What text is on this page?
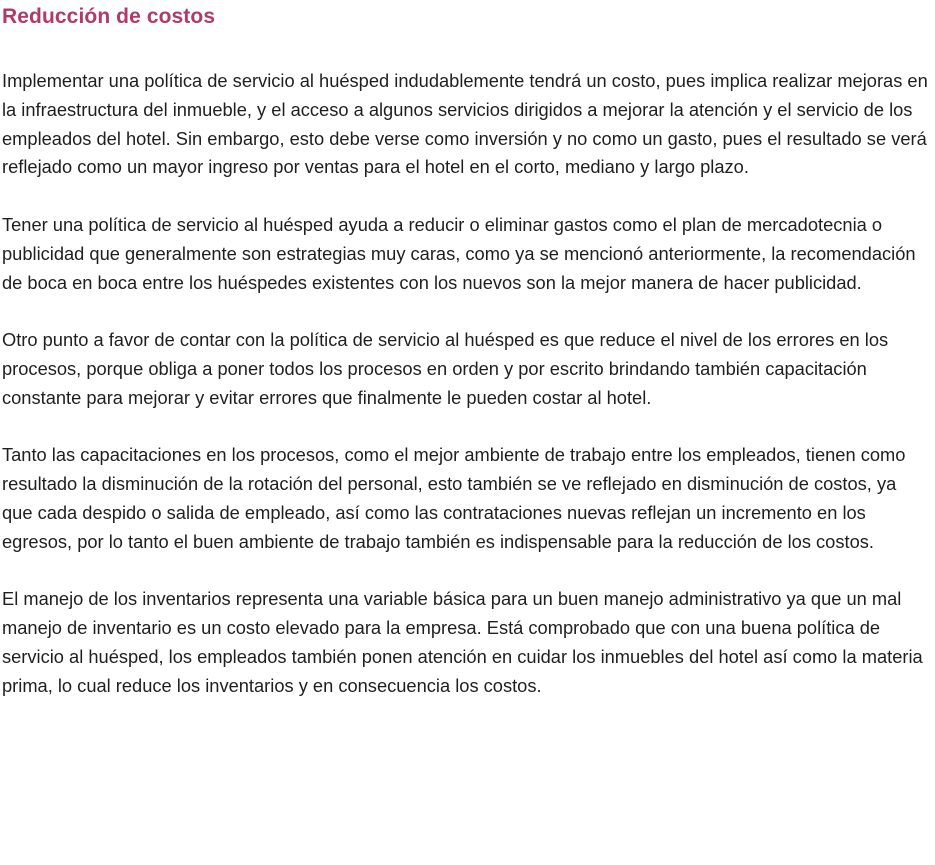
Reducción de costos

Implementar una política de servicio al huésped indudablemente tendrá un costo, pues implica realizar mejoras en la infraestructura del inmueble, y el acceso a algunos servicios dirigidos a mejorar la atención y el servicio de los empleados del hotel. Sin embargo, esto debe verse como inversión y no como un gasto, pues el resultado se verá reflejado como un mayor ingreso por ventas para el hotel en el corto, mediano y largo plazo.

Tener una política de servicio al huésped ayuda a reducir o eliminar gastos como el plan de mercadotecnia o publicidad que generalmente son estrategias muy caras, como ya se mencionó anteriormente, la recomendación de boca en boca entre los huéspedes existentes con los nuevos son la mejor manera de hacer publicidad.

Otro punto a favor de contar con la política de servicio al huésped es que reduce el nivel de los errores en los procesos, porque obliga a poner todos los procesos en orden y por escrito brindando también capacitación constante para mejorar y evitar errores que finalmente le pueden costar al hotel.

Tanto las capacitaciones en los procesos, como el mejor ambiente de trabajo entre los empleados, tienen como resultado la disminución de la rotación del personal, esto también se ve reflejado en disminución de costos, ya que cada despido o salida de empleado, así como las contrataciones nuevas reflejan un incremento en los egresos, por lo tanto el buen ambiente de trabajo también es indispensable para la reducción de los costos.

El manejo de los inventarios representa una variable básica para un buen manejo administrativo ya que un mal manejo de inventario es un costo elevado para la empresa. Está comprobado que con una buena política de servicio al huésped, los empleados también ponen atención en cuidar los inmuebles del hotel así como la materia prima, lo cual reduce los inventarios y en consecuencia los costos.
